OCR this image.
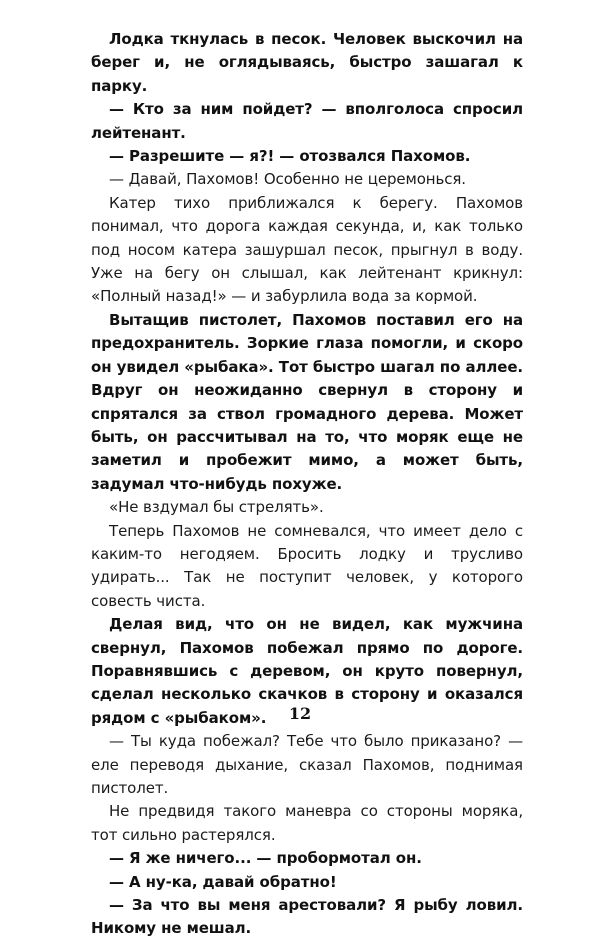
Лодка ткнулась в песок. Человек выскочил на берег и, не оглядываясь, быстро зашагал к парку.

— Кто за ним пойдет? — вполголоса спросил лейтенант.

— Разрешите — я?! — отозвался Пахомов.

— Давай, Пахомов! Особенно не церемонься.

Катер тихо приближался к берегу. Пахомов понимал, что дорога каждая секунда, и, как только под носом катера зашуршал песок, прыгнул в воду. Уже на бегу он слышал, как лейтенант крикнул: «Полный назад!» — и забурлила вода за кормой.

Вытащив пистолет, Пахомов поставил его на предохранитель. Зоркие глаза помогли, и скоро он увидел «рыбака». Тот быстро шагал по аллее. Вдруг он неожиданно свернул в сторону и спрятался за ствол громадного дерева. Может быть, он рассчитывал на то, что моряк еще не заметил и пробежит мимо, а может быть, задумал что-нибудь похуже.

«Не вздумал бы стрелять».

Теперь Пахомов не сомневался, что имеет дело с каким-то негодяем. Бросить лодку и трусливо удирать... Так не поступит человек, у которого совесть чиста.

Делая вид, что он не видел, как мужчина свернул, Пахомов побежал прямо по дороге. Поравнявшись с деревом, он круто повернул, сделал несколько скачков в сторону и оказался рядом с «рыбаком».

— Ты куда побежал? Тебе что было приказано? — еле переводя дыхание, сказал Пахомов, поднимая пистолет.

Не предвидя такого маневра со стороны моряка, тот сильно растерялся.

— Я же ничего... — пробормотал он.

— А ну-ка, давай обратно!

— За что вы меня арестовали? Я рыбу ловил. Никому не мешал.

12
